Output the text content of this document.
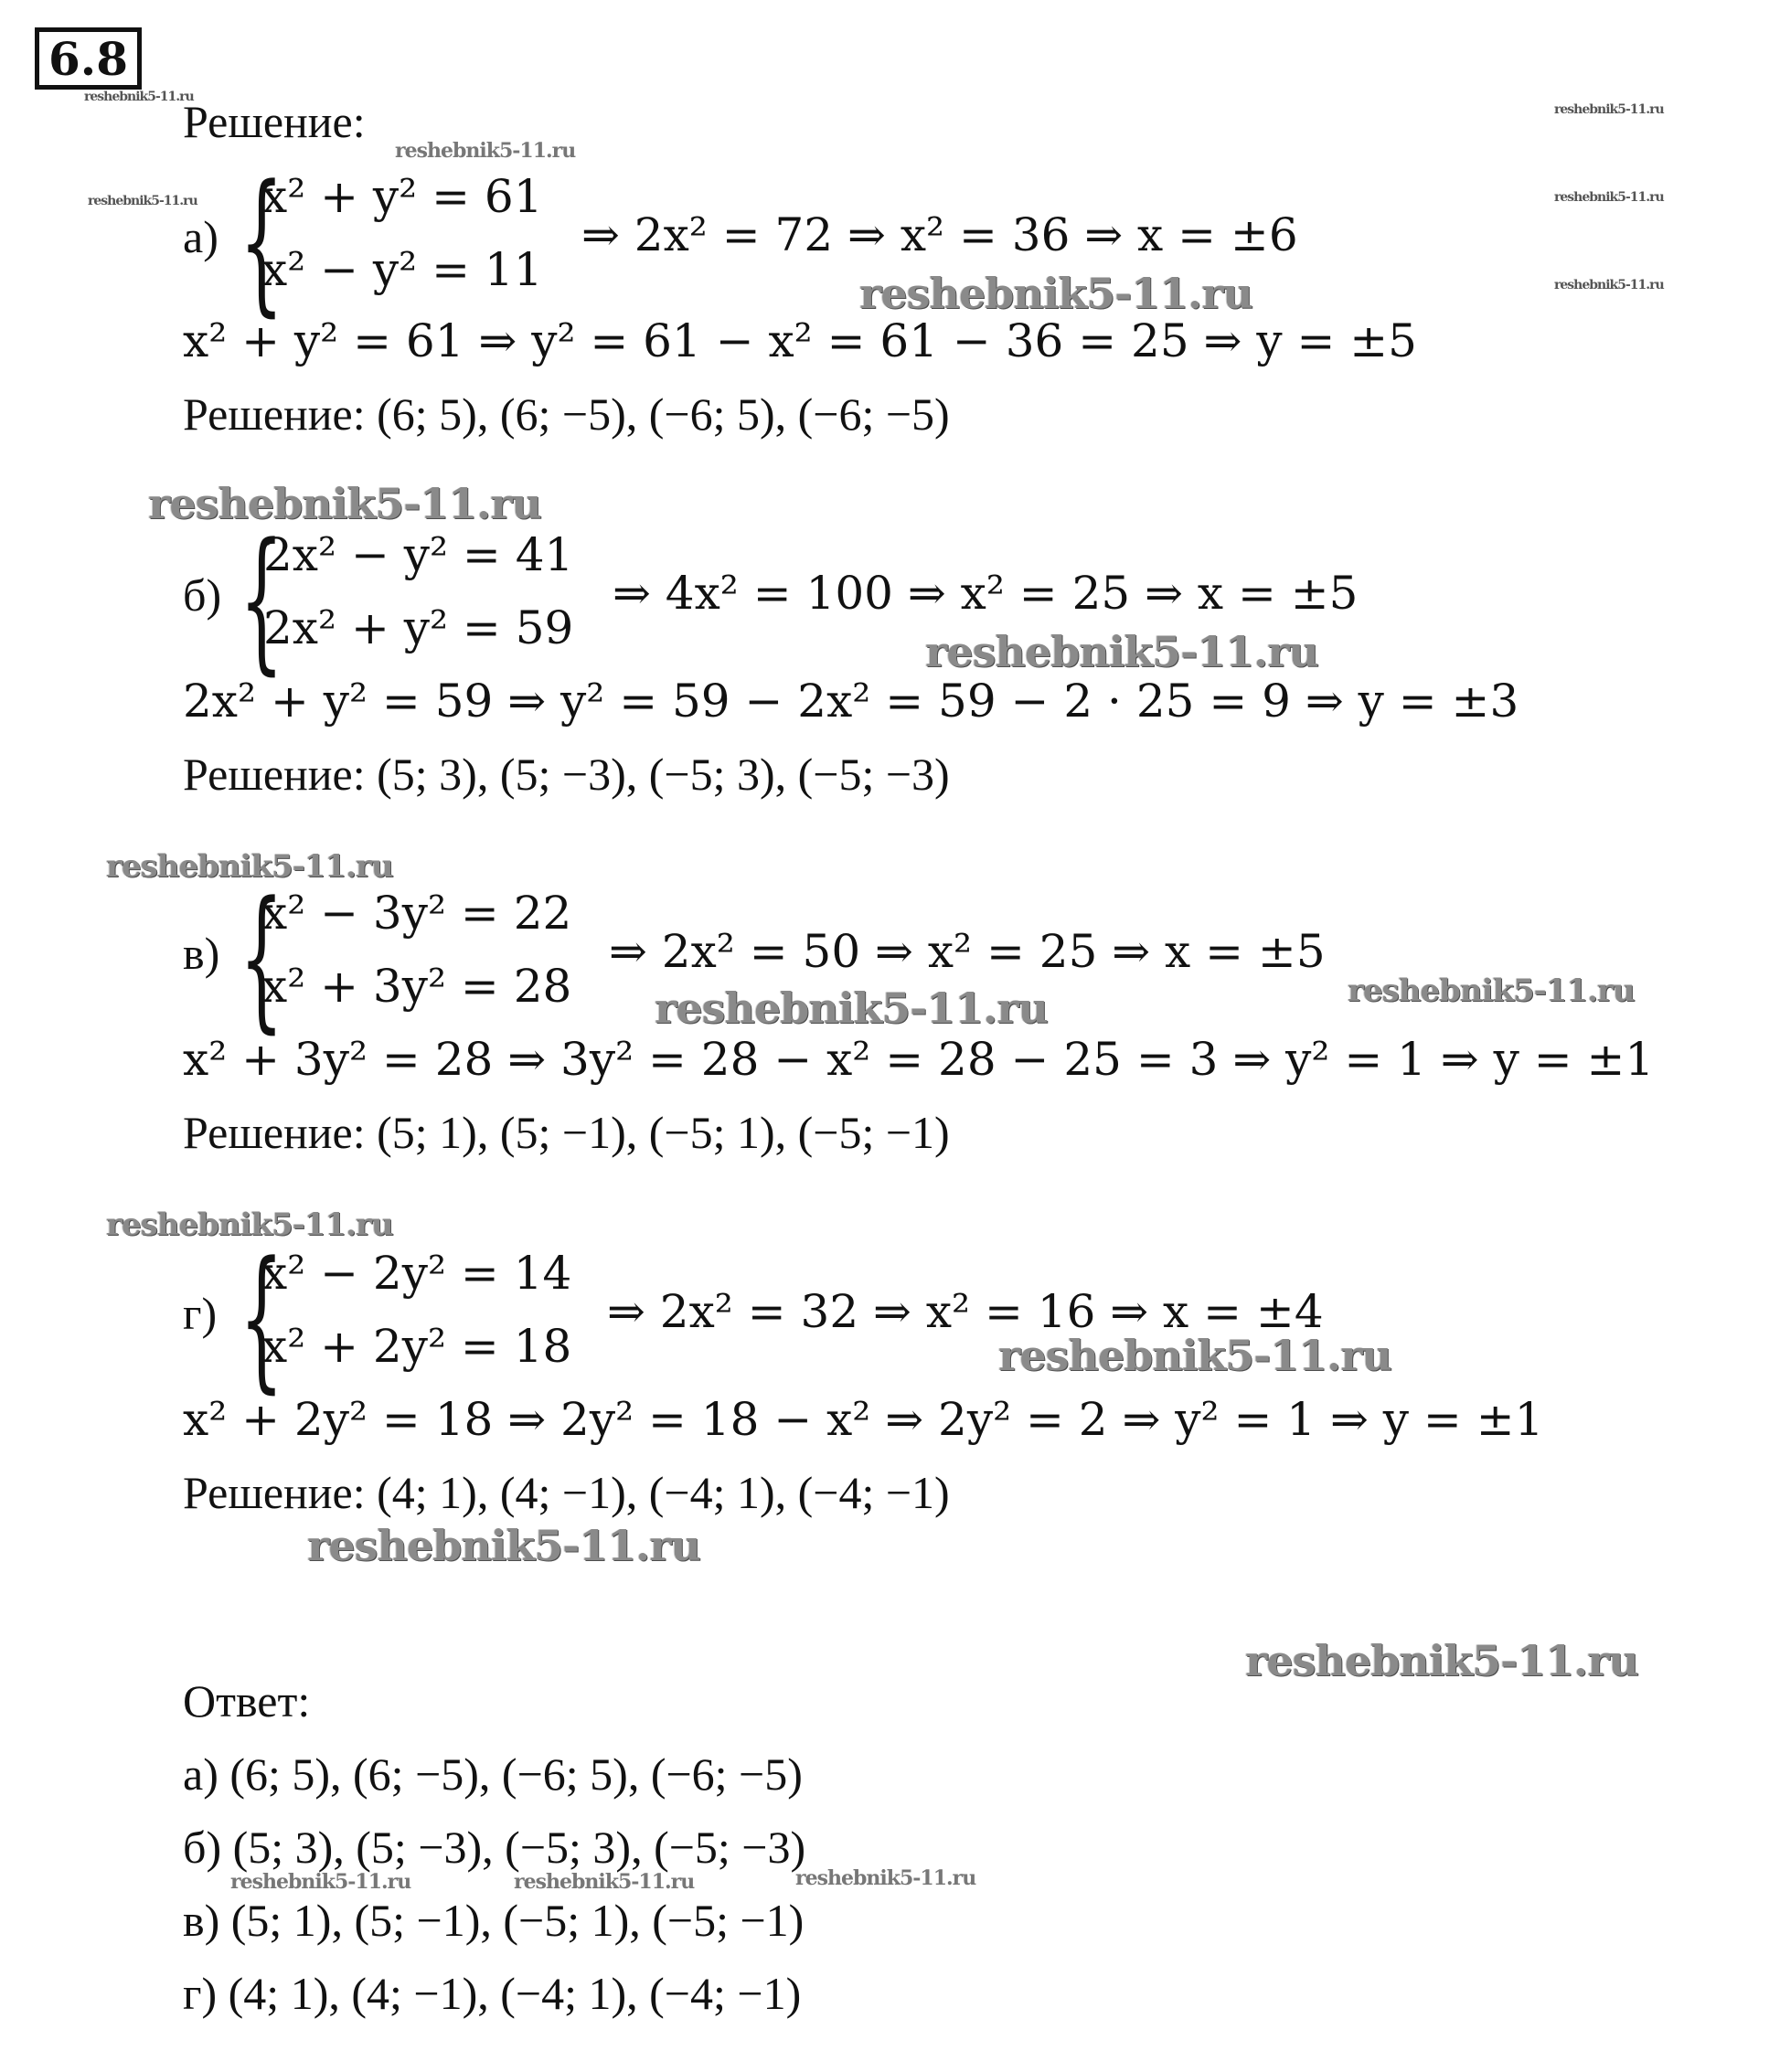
6.8
Решение:
а) {
x² + y² = 61
x² − y² = 11
⇒ 2x² = 72 ⇒ x² = 36 ⇒ x = ±6
x² + y² = 61 ⇒ y² = 61 − x² = 61 − 36 = 25 ⇒ y = ±5
Решение: (6; 5), (6; −5), (−6; 5), (−6; −5)
б) {
2x² − y² = 41
2x² + y² = 59
⇒ 4x² = 100 ⇒ x² = 25 ⇒ x = ±5
2x² + y² = 59 ⇒ y² = 59 − 2x² = 59 − 2 · 25 = 9 ⇒ y = ±3
Решение: (5; 3), (5; −3), (−5; 3), (−5; −3)
в) {
x² − 3y² = 22
x² + 3y² = 28
⇒ 2x² = 50 ⇒ x² = 25 ⇒ x = ±5
x² + 3y² = 28 ⇒ 3y² = 28 − x² = 28 − 25 = 3 ⇒ y² = 1 ⇒ y = ±1
Решение: (5; 1), (5; −1), (−5; 1), (−5; −1)
г) {
x² − 2y² = 14
x² + 2y² = 18
⇒ 2x² = 32 ⇒ x² = 16 ⇒ x = ±4
x² + 2y² = 18 ⇒ 2y² = 18 − x² ⇒ 2y² = 2 ⇒ y² = 1 ⇒ y = ±1
Решение: (4; 1), (4; −1), (−4; 1), (−4; −1)
Ответ:
а) (6; 5), (6; −5), (−6; 5), (−6; −5)
б) (5; 3), (5; −3), (−5; 3), (−5; −3)
в) (5; 1), (5; −1), (−5; 1), (−5; −1)
г) (4; 1), (4; −1), (−4; 1), (−4; −1)
reshebnik5-11.ru
reshebnik5-11.ru
reshebnik5-11.ru
reshebnik5-11.ru	reshebnik5-11.ru
reshebnik5-11.ru
reshebnik5-11.ru
reshebnik5-11.ru
reshebnik5-11.ru
reshebnik5-11.ru
reshebnik5-11.ru	reshebnik5-11.ru
reshebnik5-11.ru
reshebnik5-11.ru
reshebnik5-11.ru
reshebnik5-11.ru
reshebnik5-11.ru	reshebnik5-11.ru	reshebnik5-11.ru
